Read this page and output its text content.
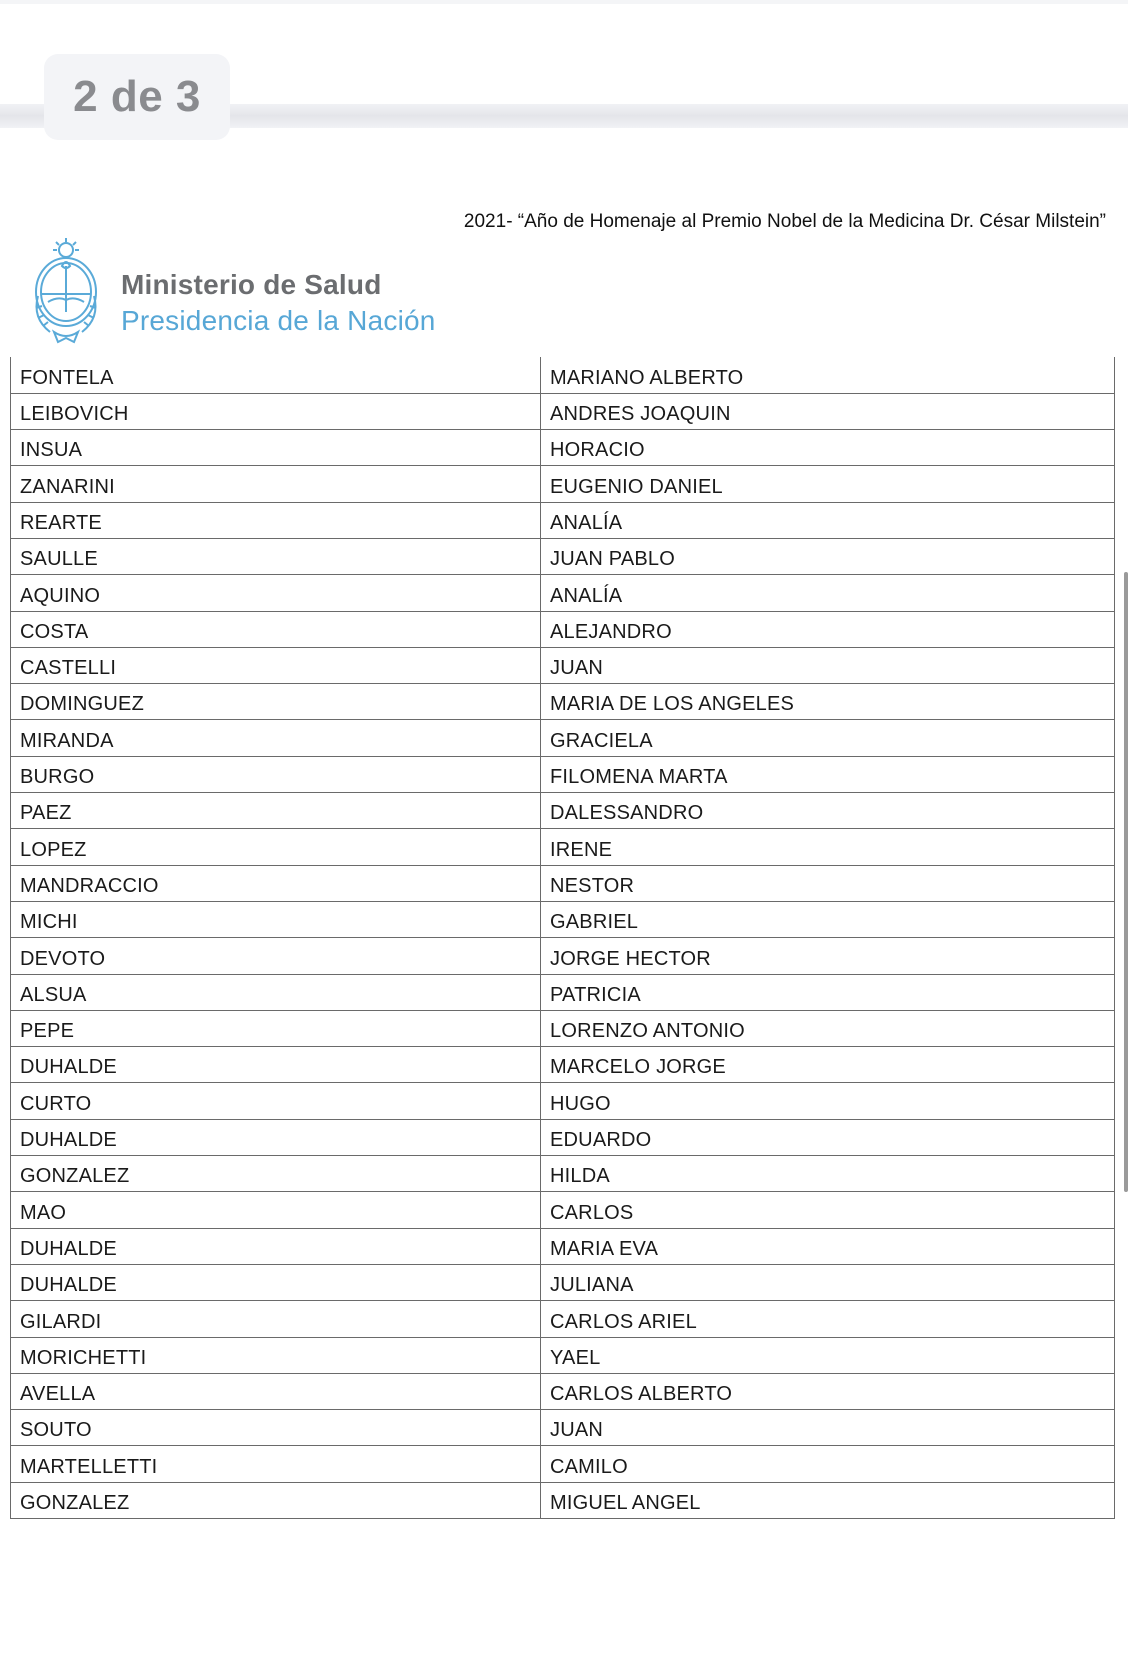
2 de 3
2021- “Año de Homenaje al Premio Nobel de la Medicina Dr. César Milstein”
Ministerio de Salud
Presidencia de la Nación
FONTELA	MARIANO ALBERTO
LEIBOVICH	ANDRES JOAQUIN
INSUA	HORACIO
ZANARINI	EUGENIO DANIEL
REARTE	ANALÍA
SAULLE	JUAN PABLO
AQUINO	ANALÍA
COSTA	ALEJANDRO
CASTELLI	JUAN
DOMINGUEZ	MARIA DE LOS ANGELES
MIRANDA	GRACIELA
BURGO	FILOMENA MARTA
PAEZ	DALESSANDRO
LOPEZ	IRENE
MANDRACCIO	NESTOR
MICHI	GABRIEL
DEVOTO	JORGE HECTOR
ALSUA	PATRICIA
PEPE	LORENZO ANTONIO
DUHALDE	MARCELO JORGE
CURTO	HUGO
DUHALDE	EDUARDO
GONZALEZ	HILDA
MAO	CARLOS
DUHALDE	MARIA EVA
DUHALDE	JULIANA
GILARDI	CARLOS ARIEL
MORICHETTI	YAEL
AVELLA	CARLOS ALBERTO
SOUTO	JUAN
MARTELLETTI	CAMILO
GONZALEZ	MIGUEL ANGEL
